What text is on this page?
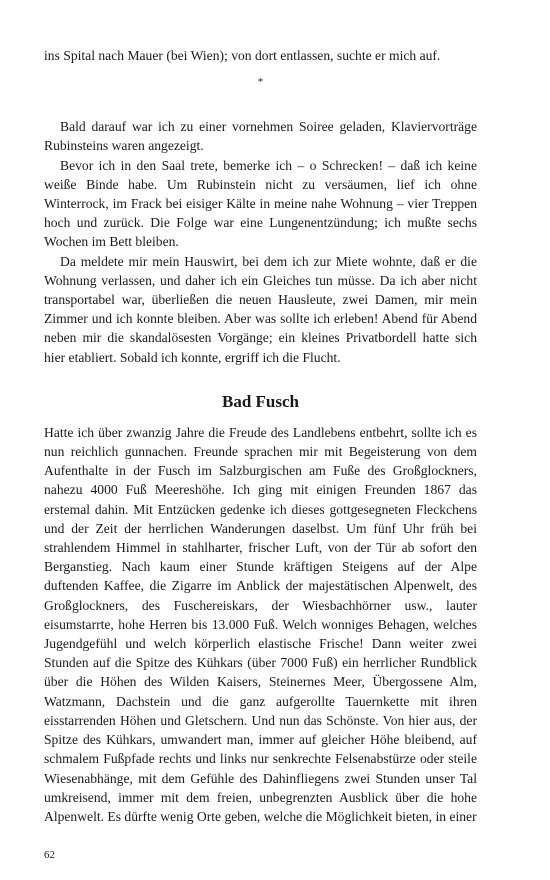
ins Spital nach Mauer (bei Wien); von dort entlassen, suchte er mich auf.

*

Bald darauf war ich zu einer vornehmen Soiree geladen, Klaviervorträge Rubinsteins waren angezeigt.

Bevor ich in den Saal trete, bemerke ich – o Schrecken! – daß ich keine weiße Binde habe. Um Rubinstein nicht zu versäumen, lief ich ohne Winterrock, im Frack bei eisiger Kälte in meine nahe Wohnung – vier Treppen hoch und zurück. Die Folge war eine Lungenentzündung; ich mußte sechs Wochen im Bett bleiben.

Da meldete mir mein Hauswirt, bei dem ich zur Miete wohnte, daß er die Wohnung verlassen, und daher ich ein Gleiches tun müsse. Da ich aber nicht transportabel war, überließen die neuen Hausleute, zwei Damen, mir mein Zimmer und ich konnte bleiben. Aber was sollte ich erleben! Abend für Abend neben mir die skandalösesten Vorgänge; ein kleines Privatbordell hatte sich hier etabliert. Sobald ich konnte, ergriff ich die Flucht.

Bad Fusch

Hatte ich über zwanzig Jahre die Freude des Landlebens entbehrt, sollte ich es nun reichlich gunnachen. Freunde sprachen mir mit Begeisterung von dem Aufenthalte in der Fusch im Salzburgischen am Fuße des Großglockners, nahezu 4000 Fuß Meereshöhe. Ich ging mit einigen Freunden 1867 das erstemal dahin. Mit Entzücken gedenke ich dieses gottgesegneten Fleckchens und der Zeit der herrlichen Wanderungen daselbst. Um fünf Uhr früh bei strahlendem Himmel in stahlharter, frischer Luft, von der Tür ab sofort den Berganstieg. Nach kaum einer Stunde kräftigen Steigens auf der Alpe duftenden Kaffee, die Zigarre im Anblick der majestätischen Alpenwelt, des Großglockners, des Fuschereiskars, der Wiesbachhörner usw., lauter eisumstarrte, hohe Herren bis 13.000 Fuß. Welch wonniges Behagen, welches Jugendgefühl und welch körperlich elastische Frische! Dann weiter zwei Stunden auf die Spitze des Kühkars (über 7000 Fuß) ein herrlicher Rundblick über die Höhen des Wilden Kaisers, Steinernes Meer, Übergossene Alm, Watzmann, Dachstein und die ganz aufgerollte Tauernkette mit ihren eisstarrenden Höhen und Gletschern. Und nun das Schönste. Von hier aus, der Spitze des Kühkars, umwandert man, immer auf gleicher Höhe bleibend, auf schmalem Fußpfade rechts und links nur senkrechte Felsenabstürze oder steile Wiesenabhänge, mit dem Gefühle des Dahinfliegens zwei Stunden unser Tal umkreisend, immer mit dem freien, unbegrenzten Ausblick über die hohe Alpenwelt. Es dürfte wenig Orte geben, welche die Möglichkeit bieten, in einer

62
